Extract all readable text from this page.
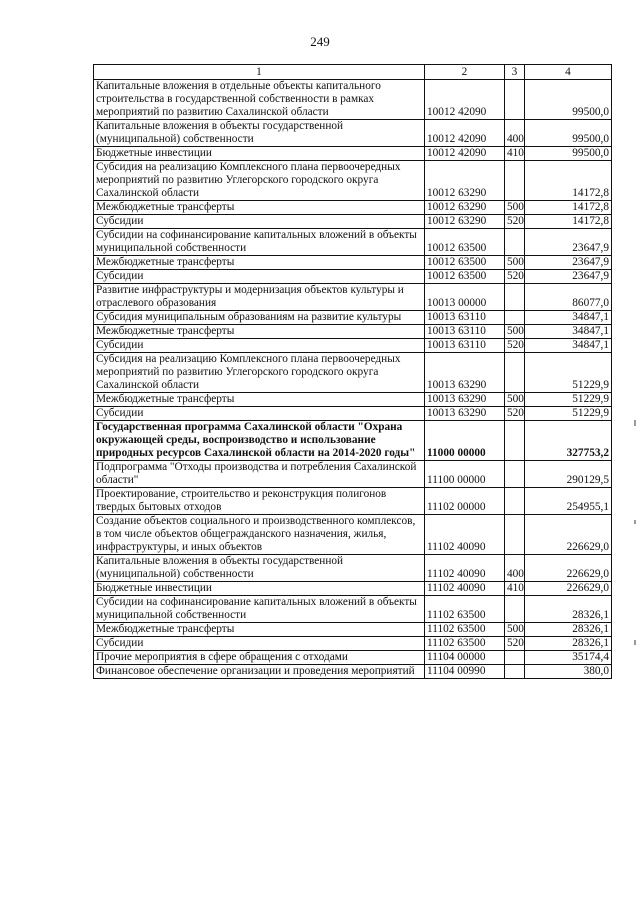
249
1	2	3	4
Капитальные вложения в отдельные объекты капитального строительства в государственной собственности в рамках мероприятий по развитию Сахалинской области	10012 42090		99500,0
Капитальные вложения в объекты государственной (муниципальной) собственности	10012 42090	400	99500,0
Бюджетные инвестиции	10012 42090	410	99500,0
Субсидия на реализацию Комплексного плана первоочередных мероприятий по развитию Углегорского городского округа Сахалинской области	10012 63290		14172,8
Межбюджетные трансферты	10012 63290	500	14172,8
Субсидии	10012 63290	520	14172,8
Субсидии на софинансирование капитальных вложений в объекты муниципальной собственности	10012 63500		23647,9
Межбюджетные трансферты	10012 63500	500	23647,9
Субсидии	10012 63500	520	23647,9
Развитие инфраструктуры и модернизация объектов культуры и отраслевого образования	10013 00000		86077,0
Субсидия муниципальным образованиям на развитие культуры	10013 63110		34847,1
Межбюджетные трансферты	10013 63110	500	34847,1
Субсидии	10013 63110	520	34847,1
Субсидия на реализацию Комплексного плана первоочередных мероприятий по развитию Углегорского городского округа Сахалинской области	10013 63290		51229,9
Межбюджетные трансферты	10013 63290	500	51229,9
Субсидии	10013 63290	520	51229,9
Государственная программа Сахалинской области "Охрана окружающей среды, воспроизводство и использование природных ресурсов Сахалинской области на 2014-2020 годы"	11000 00000		327753,2
Подпрограмма "Отходы производства и потребления Сахалинской области"	11100 00000		290129,5
Проектирование, строительство и реконструкция полигонов твердых бытовых отходов	11102 00000		254955,1
Создание объектов социального и производственного комплексов, в том числе объектов общегражданского назначения, жилья, инфраструктуры, и иных объектов	11102 40090		226629,0
Капитальные вложения в объекты государственной (муниципальной) собственности	11102 40090	400	226629,0
Бюджетные инвестиции	11102 40090	410	226629,0
Субсидии на софинансирование капитальных вложений в объекты муниципальной собственности	11102 63500		28326,1
Межбюджетные трансферты	11102 63500	500	28326,1
Субсидии	11102 63500	520	28326,1
Прочие мероприятия в сфере обращения с отходами	11104 00000		35174,4
Финансовое обеспечение организации и проведения мероприятий	11104 00990		380,0
